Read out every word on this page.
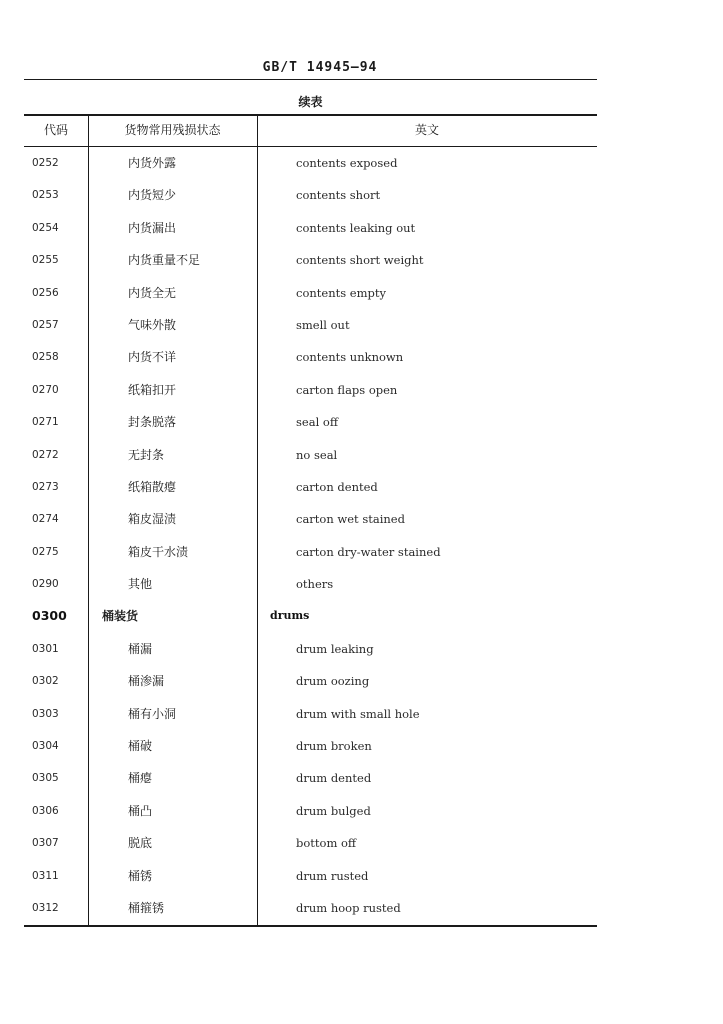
GB/T 14945—94
续表
代码	货物常用残损状态	英文
0252	内货外露	contents exposed
0253	内货短少	contents short
0254	内货漏出	contents leaking out
0255	内货重量不足	contents short weight
0256	内货全无	contents empty
0257	气味外散	smell out
0258	内货不详	contents unknown
0270	纸箱扣开	carton flaps open
0271	封条脱落	seal off
0272	无封条	no seal
0273	纸箱散瘪	carton dented
0274	箱皮湿渍	carton wet stained
0275	箱皮干水渍	carton dry-water stained
0290	其他	others
0300	桶装货	drums
0301	桶漏	drum leaking
0302	桶渗漏	drum oozing
0303	桶有小洞	drum with small hole
0304	桶破	drum broken
0305	桶瘪	drum dented
0306	桶凸	drum bulged
0307	脱底	bottom off
0311	桶锈	drum rusted
0312	桶箍锈	drum hoop rusted
